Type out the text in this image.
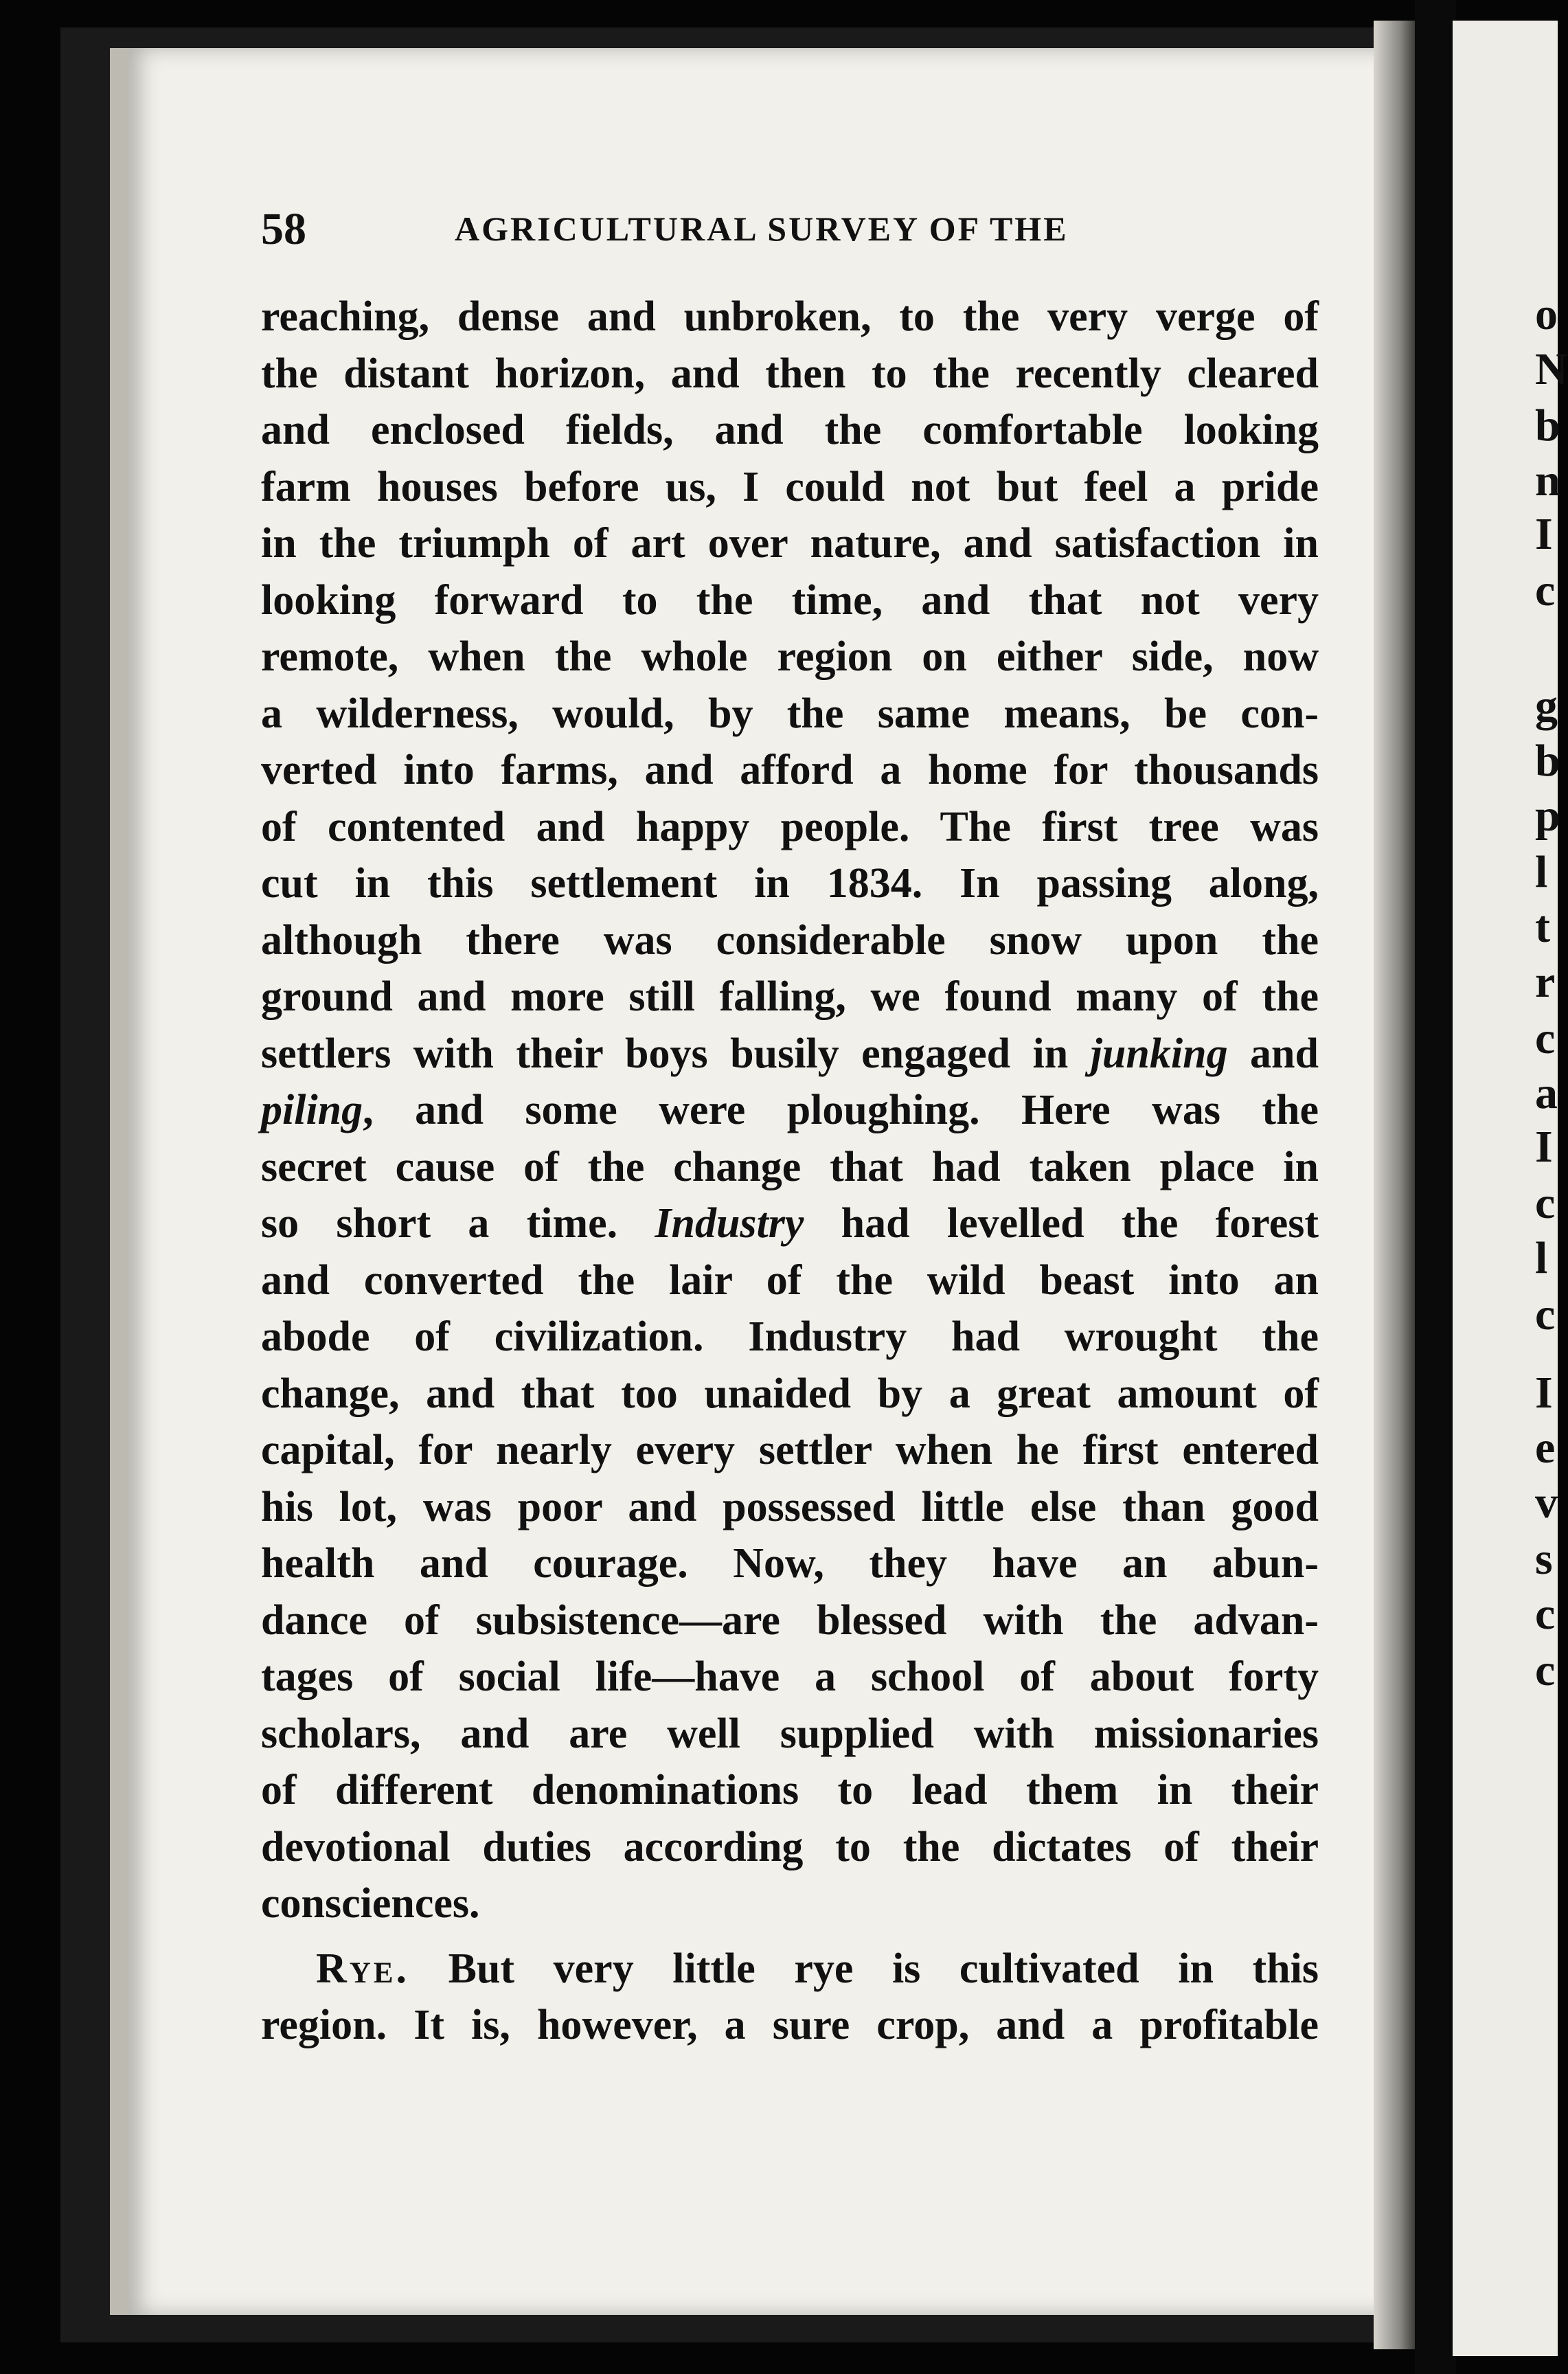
o
N
b
n
I
c
g
b
p
l
t
r
c
a
I
c
l
c
I
e
v
s
c
c
58	AGRICULTURAL SURVEY OF THE
reaching, dense and unbroken, to the very verge of
the distant horizon, and then to the recently cleared
and enclosed fields, and the comfortable looking
farm houses before us, I could not but feel a pride
in the triumph of art over nature, and satisfaction in
looking forward to the time, and that not very
remote, when the whole region on either side, now
a wilderness, would, by the same means, be con-
verted into farms, and afford a home for thousands
of contented and happy people. The first tree was
cut in this settlement in 1834. In passing along,
although there was considerable snow upon the
ground and more still falling, we found many of the
settlers with their boys busily engaged in junking and
piling, and some were ploughing. Here was the
secret cause of the change that had taken place in
so short a time. Industry had levelled the forest
and converted the lair of the wild beast into an
abode of civilization. Industry had wrought the
change, and that too unaided by a great amount of
capital, for nearly every settler when he first entered
his lot, was poor and possessed little else than good
health and courage. Now, they have an abun-
dance of subsistence—are blessed with the advan-
tages of social life—have a school of about forty
scholars, and are well supplied with missionaries
of different denominations to lead them in their
devotional duties according to the dictates of their
consciences.
Rye. But very little rye is cultivated in this
region. It is, however, a sure crop, and a profitable
